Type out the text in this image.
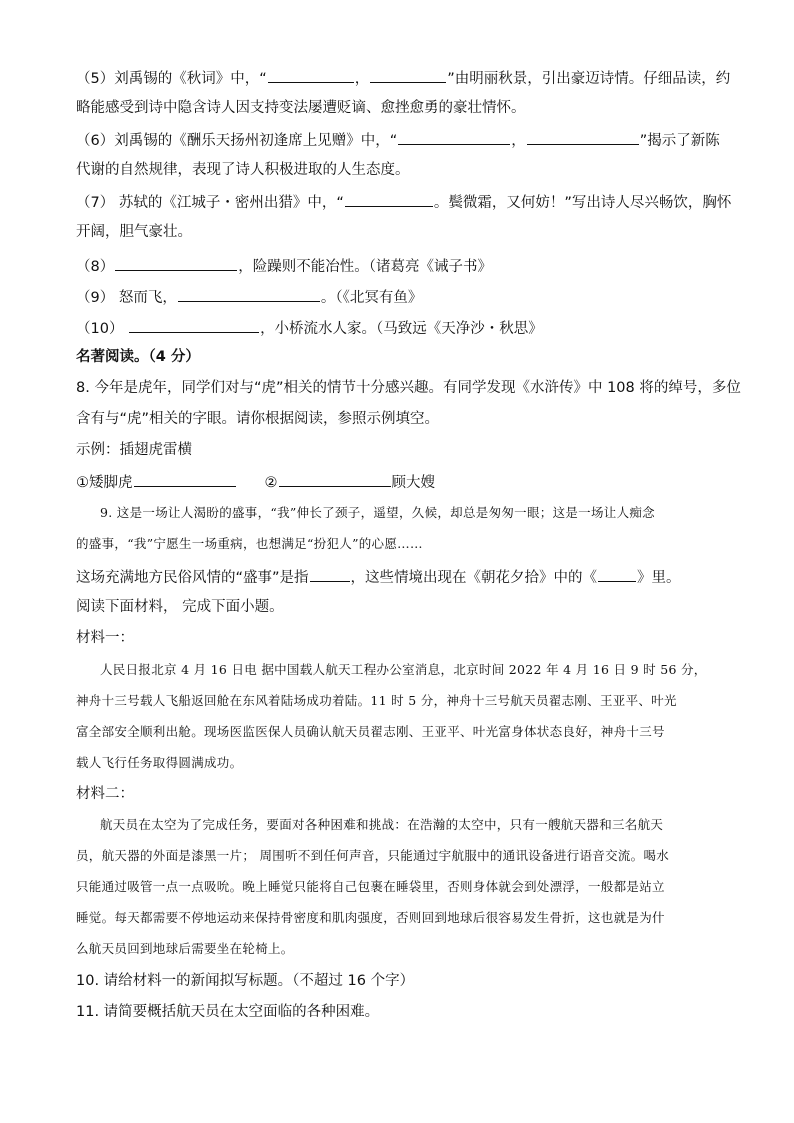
（5）刘禹锡的《秋词》中，“	，	”由明丽秋景，引出豪迈诗情。仔细品读，约
略能感受到诗中隐含诗人因支持变法屡遭贬谪、愈挫愈勇的豪壮情怀。
（6）刘禹锡的《酬乐天扬州初逢席上见赠》中，“	，	”揭示了新陈
代谢的自然规律，表现了诗人积极进取的人生态度。
（7） 苏轼的《江城子・密州出猎》中，“	。鬓微霜，又何妨！”写出诗人尽兴畅饮，胸怀
开阔，胆气豪壮。
（8）	，险躁则不能冶性。（诸葛亮《诫子书》
（9） 怒而飞，	。（《北冥有鱼》
（10）	，小桥流水人家。（马致远《天净沙・秋思》
名著阅读。（4 分）
8. 今年是虎年，同学们对与“虎”相关的情节十分感兴趣。有同学发现《水浒传》中 108 将的绰号，多位
含有与“虎”相关的字眼。请你根据阅读，参照示例填空。
示例：插翅虎雷横
①矮脚虎	②	顾大嫂
9. 这是一场让人渴盼的盛事，“我”伸长了颈子，遥望，久候，却总是匆匆一眼；这是一场让人痴念
的盛事，“我”宁愿生一场重病，也想满足“扮犯人”的心愿……
这场充满地方民俗风情的“盛事”是指	，这些情境出现在《朝花夕拾》中的《	》里。
阅读下面材料， 完成下面小题。
材料一：
人民日报北京 4 月 16 日电 据中国载人航天工程办公室消息，北京时间 2022 年 4 月 16 日 9 时 56 分，
神舟十三号载人飞船返回舱在东风着陆场成功着陆。11 时 5 分，神舟十三号航天员翟志刚、王亚平、叶光
富全部安全顺利出舱。现场医监医保人员确认航天员翟志刚、王亚平、叶光富身体状态良好，神舟十三号
载人飞行任务取得圆满成功。
材料二：
航天员在太空为了完成任务，要面对各种困难和挑战：在浩瀚的太空中，只有一艘航天器和三名航天
员，航天器的外面是漆黑一片； 周围听不到任何声音，只能通过宇航服中的通讯设备进行语音交流。喝水
只能通过吸管一点一点吸吮。晚上睡觉只能将自己包裹在睡袋里，否则身体就会到处漂浮，一般都是站立
睡觉。每天都需要不停地运动来保持骨密度和肌肉强度，否则回到地球后很容易发生骨折，这也就是为什
么航天员回到地球后需要坐在轮椅上。
10. 请给材料一的新闻拟写标题。（不超过 16 个字）
11. 请简要概括航天员在太空面临的各种困难。
